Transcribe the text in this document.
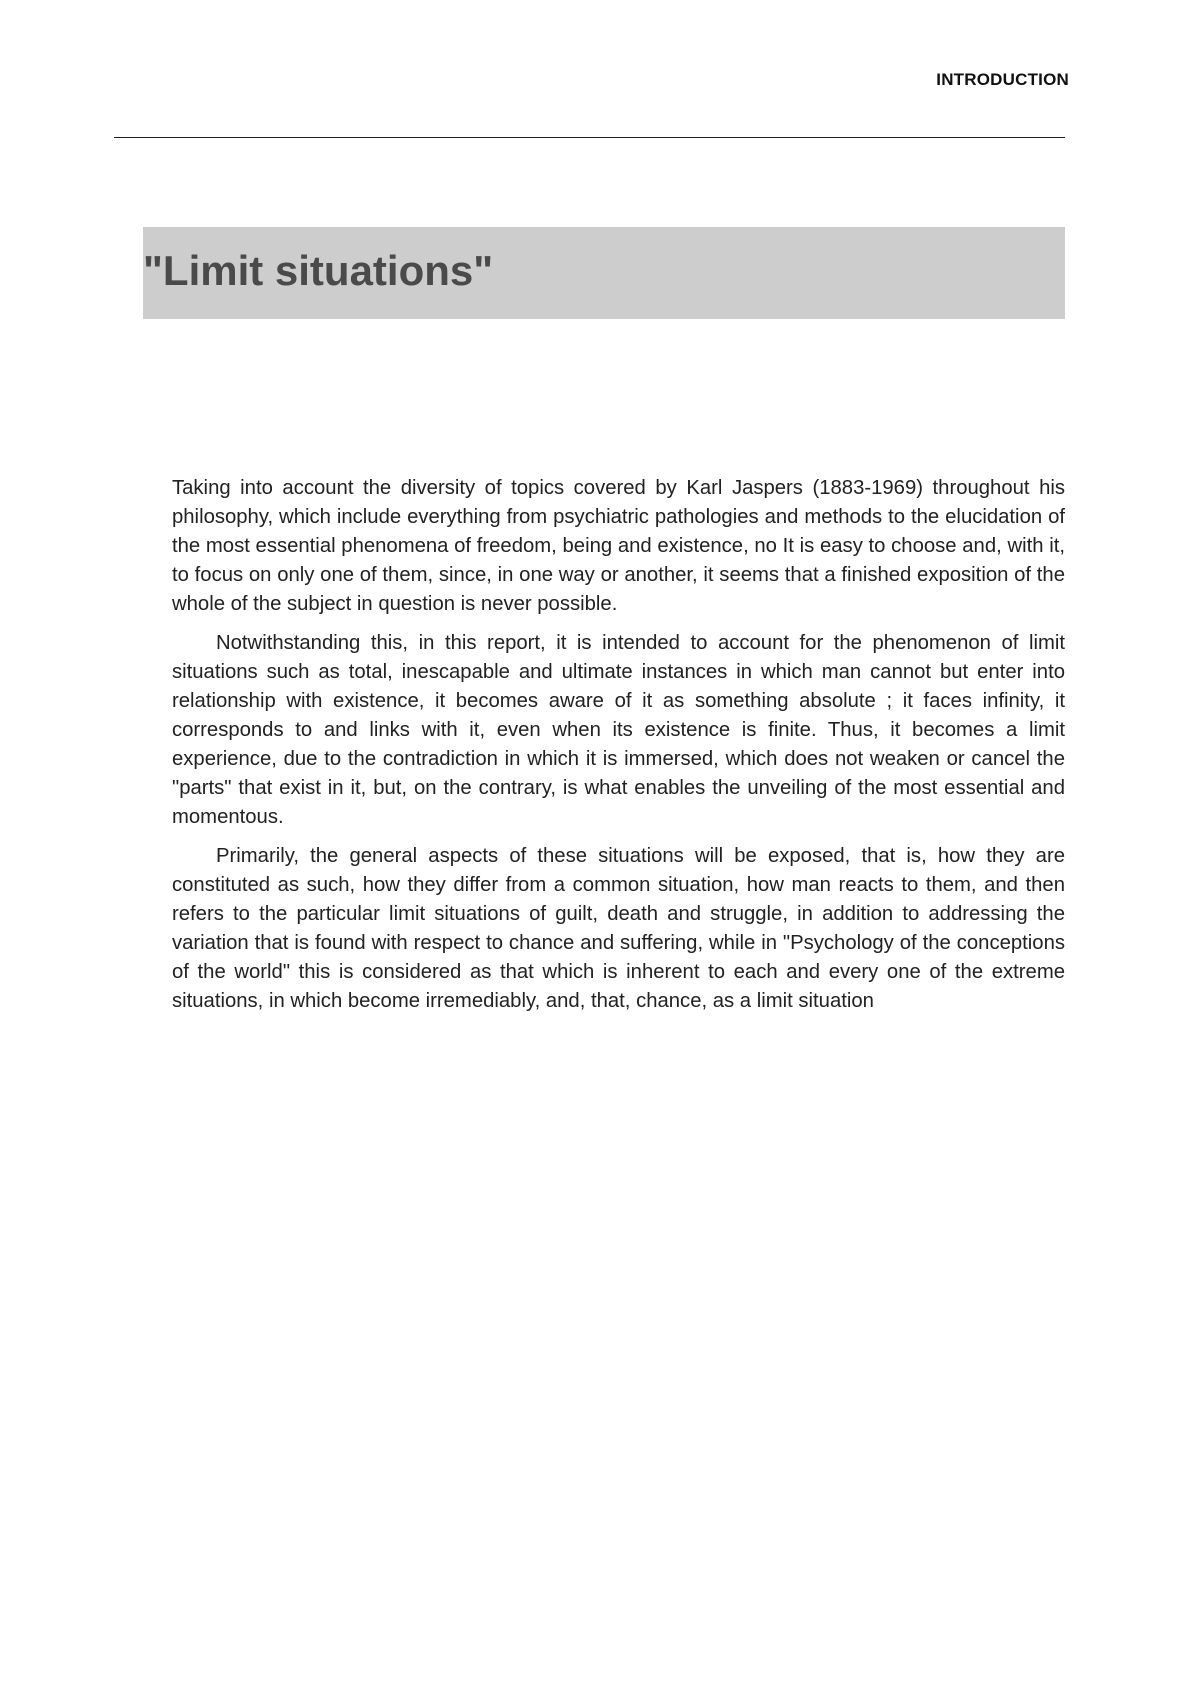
INTRODUCTION
"Limit situations"

Taking into account the diversity of topics covered by Karl Jaspers (1883-1969) throughout his philosophy, which include everything from psychiatric pathologies and methods to the elucidation of the most essential phenomena of freedom, being and existence, no It is easy to choose and, with it, to focus on only one of them, since, in one way or another, it seems that a finished exposition of the whole of the subject in question is never possible.

Notwithstanding this, in this report, it is intended to account for the phenomenon of limit situations such as total, inescapable and ultimate instances in which man cannot but enter into relationship with existence, it becomes aware of it as something absolute ; it faces infinity, it corresponds to and links with it, even when its existence is finite. Thus, it becomes a limit experience, due to the contradiction in which it is immersed, which does not weaken or cancel the "parts" that exist in it, but, on the contrary, is what enables the unveiling of the most essential and momentous.

Primarily, the general aspects of these situations will be exposed, that is, how they are constituted as such, how they differ from a common situation, how man reacts to them, and then refers to the particular limit situations of guilt, death and struggle, in addition to addressing the variation that is found with respect to chance and suffering, while in "Psychology of the conceptions of the world" this is considered as that which is inherent to each and every one of the extreme situations, in which become irremediably, and, that, chance, as a limit situation
